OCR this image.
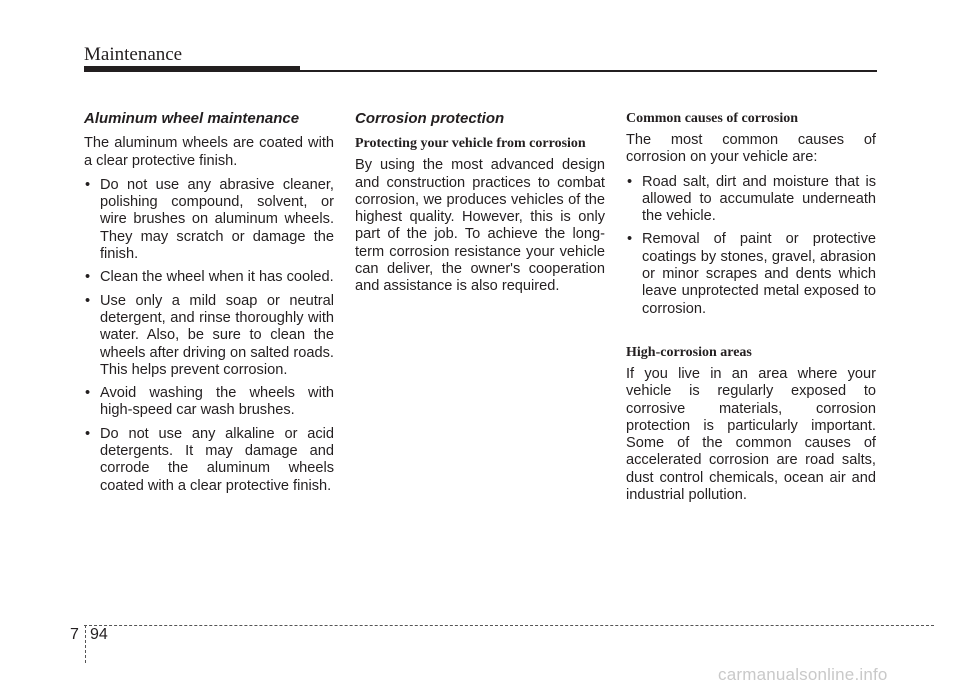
Maintenance
Aluminum wheel maintenance

The aluminum wheels are coated with a clear protective finish.

• Do not use any abrasive cleaner, polishing compound, solvent, or wire brushes on aluminum wheels. They may scratch or damage the finish.
• Clean the wheel when it has cooled.
• Use only a mild soap or neutral detergent, and rinse thoroughly with water. Also, be sure to clean the wheels after driving on salted roads. This helps prevent corrosion.
• Avoid washing the wheels with high-speed car wash brushes.
• Do not use any alkaline or acid detergents. It may damage and corrode the aluminum wheels coated with a clear protective finish.
Corrosion protection
Protecting your vehicle from corrosion

By using the most advanced design and construction practices to combat corrosion, we produces vehicles of the highest quality. However, this is only part of the job. To achieve the long-term corrosion resistance your vehicle can deliver, the owner's cooperation and assistance is also required.

Common causes of corrosion

The most common causes of corrosion on your vehicle are:

• Road salt, dirt and moisture that is allowed to accumulate underneath the vehicle.
• Removal of paint or protective coatings by stones, gravel, abrasion or minor scrapes and dents which leave unprotected metal exposed to corrosion.
High-corrosion areas

If you live in an area where your vehicle is regularly exposed to corrosive materials, corrosion protection is particularly important. Some of the common causes of accelerated corrosion are road salts, dust control chemicals, ocean air and industrial pollution.

7 94
carmanualsonline.info
